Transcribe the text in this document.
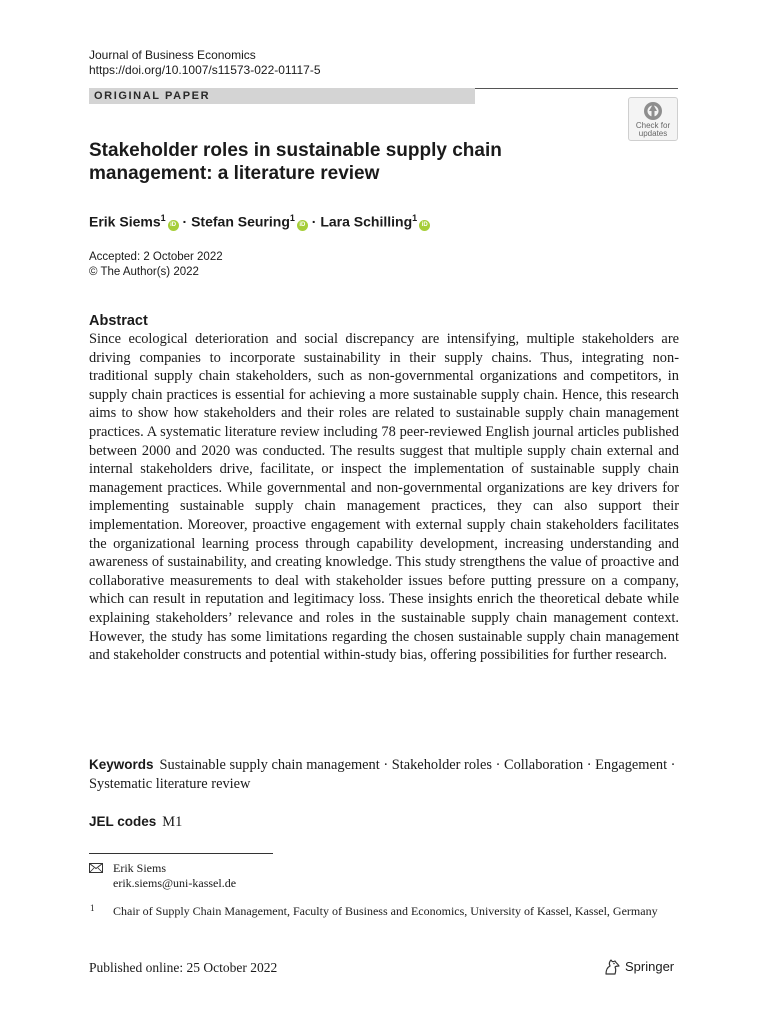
Journal of Business Economics
https://doi.org/10.1007/s11573-022-01117-5
ORIGINAL PAPER
Check for
updates
Stakeholder roles in sustainable supply chain management: a literature review
Erik Siems$^1$iD · Stefan Seuring$^1$iD · Lara Schilling$^1$iD
Accepted: 2 October 2022
© The Author(s) 2022
Abstract
Since ecological deterioration and social discrepancy are intensifying, multiple stakeholders are driving companies to incorporate sustainability in their supply chains. Thus, integrating non-traditional supply chain stakeholders, such as non-governmental organizations and competitors, in supply chain practices is essential for achieving a more sustainable supply chain. Hence, this research aims to show how stakeholders and their roles are related to sustainable supply chain management practices. A systematic literature review including 78 peer-reviewed English journal articles published between 2000 and 2020 was conducted. The results suggest that multiple supply chain external and internal stakeholders drive, facilitate, or inspect the implementation of sustainable supply chain management practices. While governmental and non-governmental organizations are key drivers for implementing sustainable supply chain management practices, they can also support their implementation. Moreover, proactive engagement with external supply chain stakeholders facilitates the organizational learning process through capability development, increasing understanding and awareness of sustainability, and creating knowledge. This study strengthens the value of proactive and collaborative measurements to deal with stakeholder issues before putting pressure on a company, which can result in reputation and legitimacy loss. These insights enrich the theoretical debate while explaining stakeholders’ relevance and roles in the sustainable supply chain management context. However, the study has some limitations regarding the chosen sustainable supply chain management and stakeholder constructs and potential within-study bias, offering possibilities for further research.
Keywords Sustainable supply chain management · Stakeholder roles · Collaboration · Engagement · Systematic literature review
JEL codes M1
Erik Siems
erik.siems@uni-kassel.de
1 Chair of Supply Chain Management, Faculty of Business and Economics, University of Kassel, Kassel, Germany
Published online: 25 October 2022	Springer
